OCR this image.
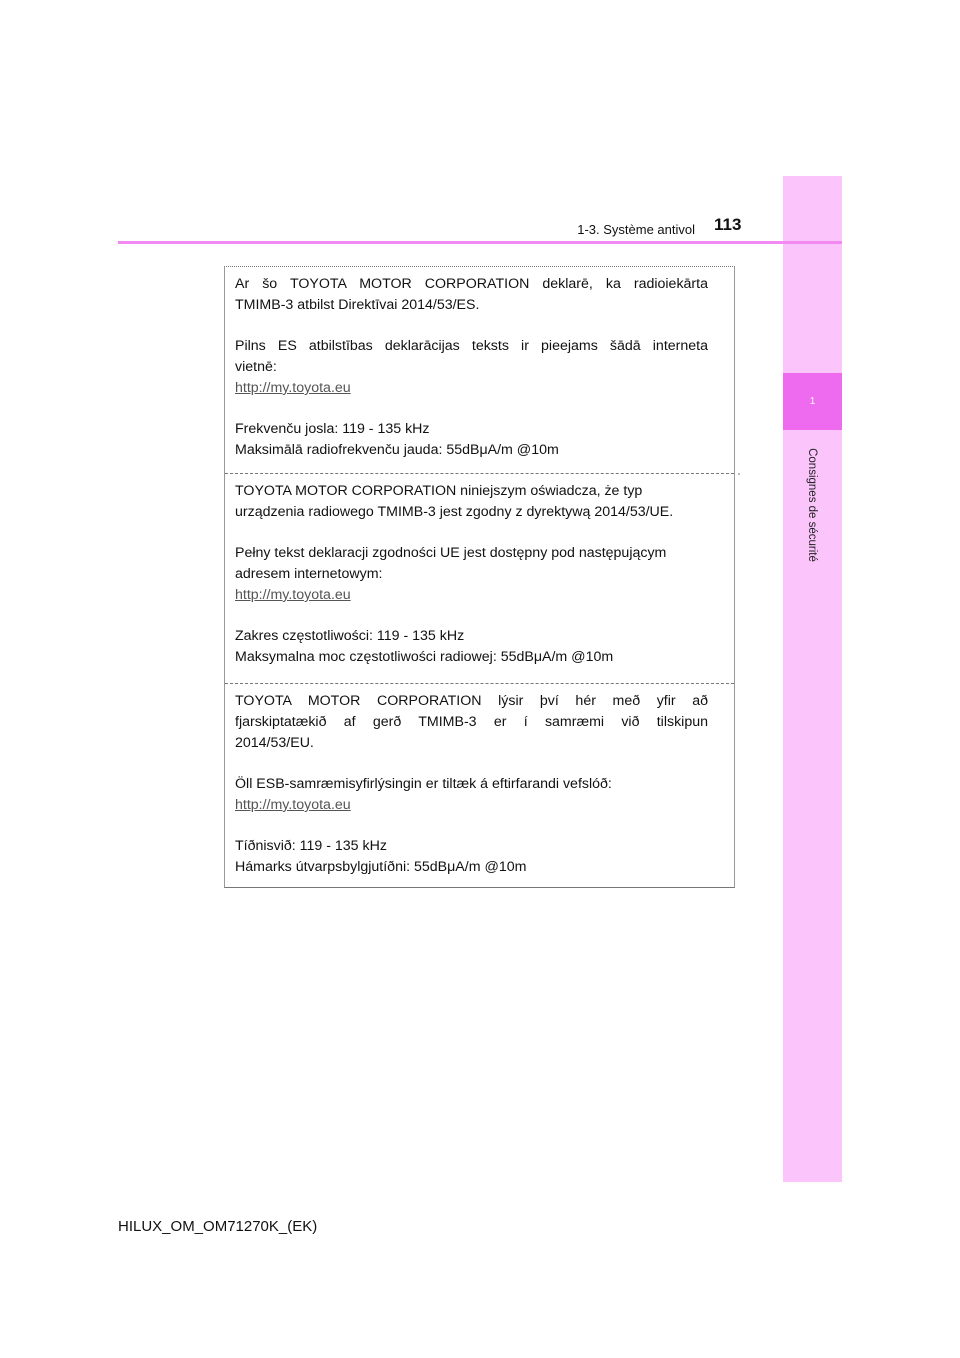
1
Consignes de sécurité
1-3. Système antivol 113

Ar šo TOYOTA MOTOR CORPORATION deklarē, ka radioiekārta

TMIMB-3 atbilst Direktīvai 2014/53/ES.

Pilns ES atbilstības deklarācijas teksts ir pieejams šādā interneta

vietnē:

http://my.toyota.eu

Frekvenču josla: 119 - 135 kHz

Maksimālā radiofrekvenču jauda: 55dBμA/m @10m

TOYOTA MOTOR CORPORATION niniejszym oświadcza, że typ

urządzenia radiowego TMIMB-3 jest zgodny z dyrektywą 2014/53/UE.

Pełny tekst deklaracji zgodności UE jest dostępny pod następującym

adresem internetowym:

http://my.toyota.eu

Zakres częstotliwości: 119 - 135 kHz

Maksymalna moc częstotliwości radiowej: 55dBμA/m @10m

TOYOTA MOTOR CORPORATION lýsir því hér með yfir að

fjarskiptatækið af gerð TMIMB-3 er í samræmi við tilskipun

2014/53/EU.

Öll ESB-samræmisyfirlýsingin er tiltæk á eftirfarandi vefslóð:

http://my.toyota.eu

Tíðnisvið: 119 - 135 kHz

Hámarks útvarpsbylgjutíðni: 55dBμA/m @10m

HILUX_OM_OM71270K_(EK)
